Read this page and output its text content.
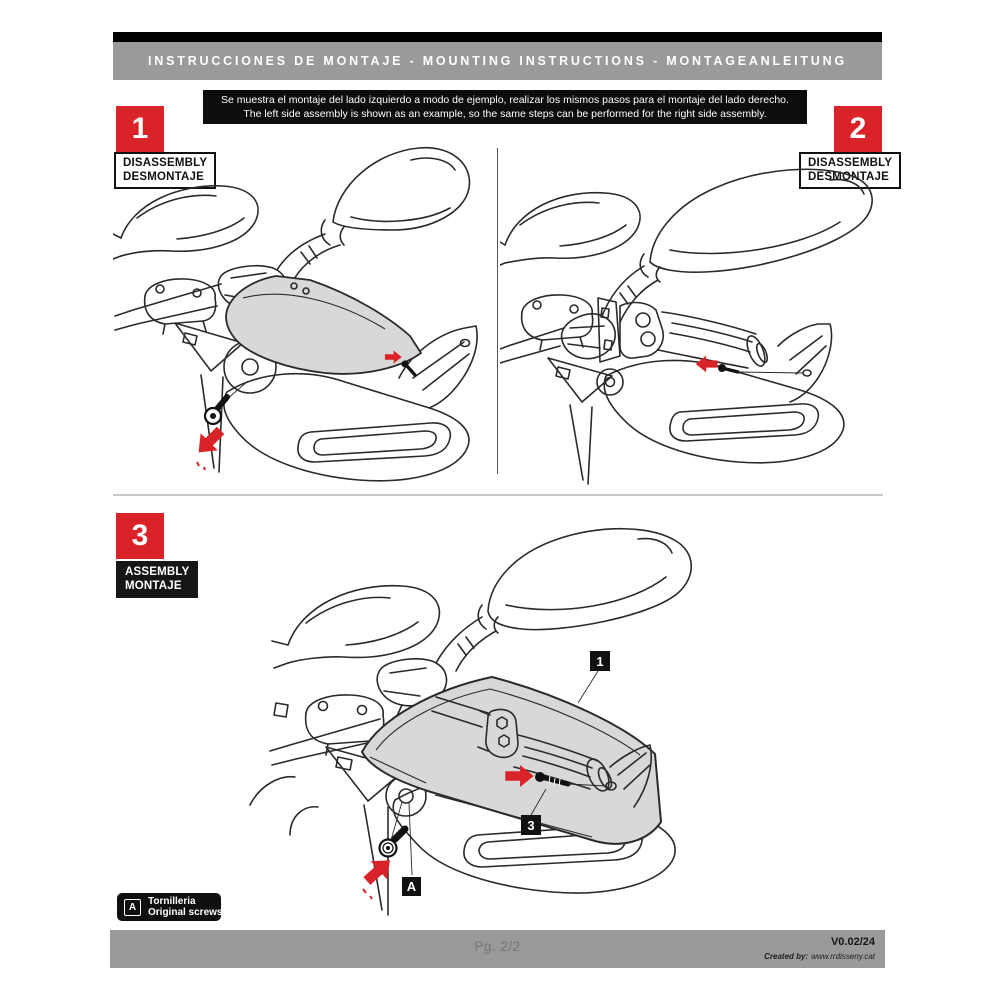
INSTRUCCIONES DE MONTAJE - MOUNTING INSTRUCTIONS - MONTAGEANLEITUNG
Se muestra el montaje del lado izquierdo a modo de ejemplo, realizar los mismos pasos para el montaje del lado derecho.
The left side assembly is shown as an example, so the same steps can be performed for the right side assembly.
1
DISASSEMBLY
DESMONTAJE
2
DISASSEMBLY
DESMONTAJE
3
ASSEMBLY
MONTAJE
3
1
A
A	Tornilleria
Original screws
Pg. 2/2	V0.02/24
Created by: www.rrdisseny.cat
